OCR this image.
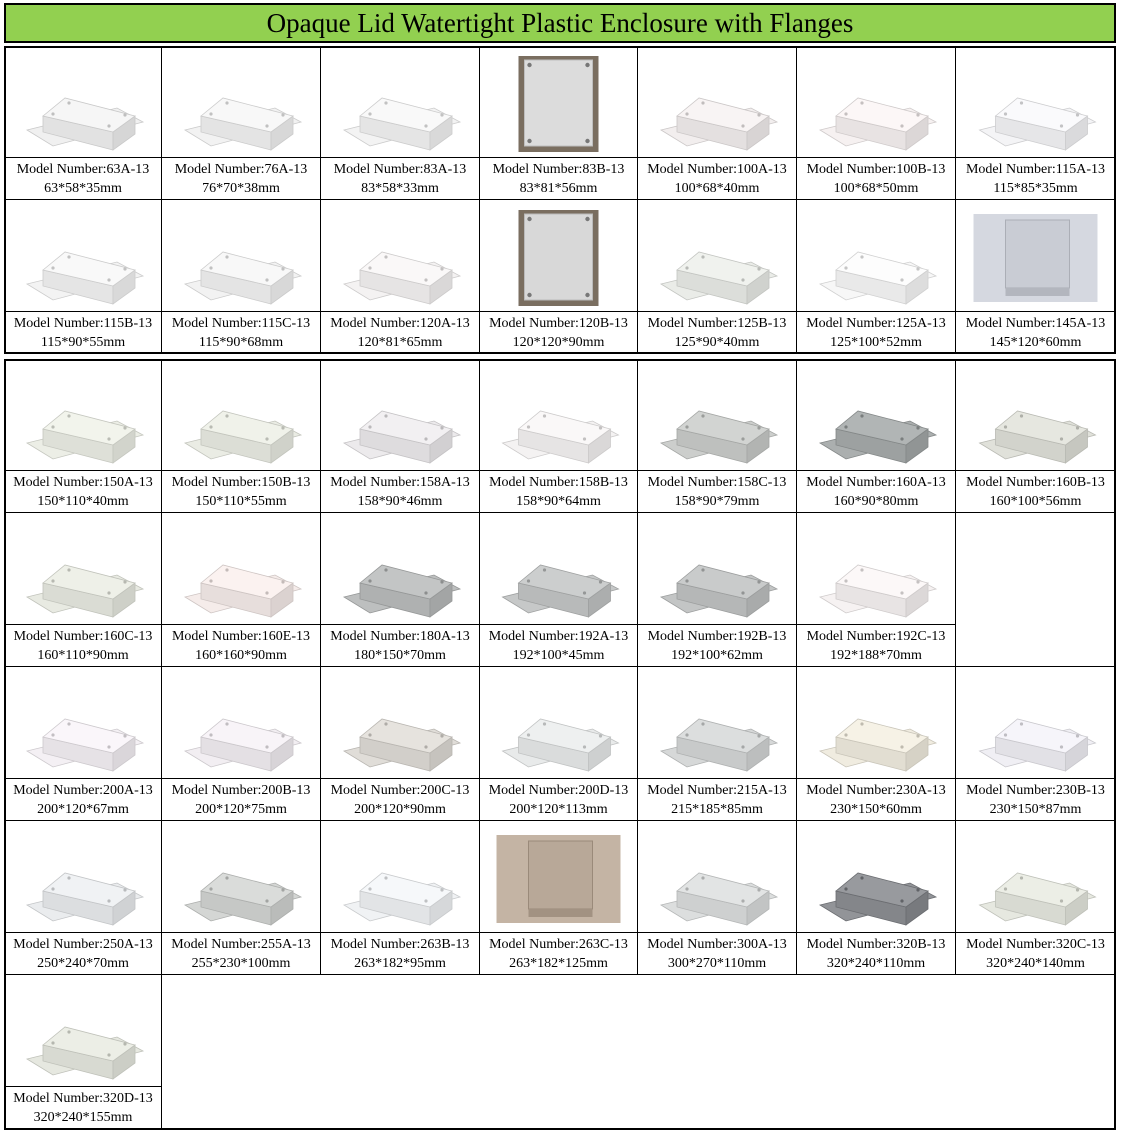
Opaque Lid Watertight Plastic Enclosure with Flanges
Model Number:63A-13
63*58*35mm
Model Number:76A-13
76*70*38mm
Model Number:83A-13
83*58*33mm
Model Number:83B-13
83*81*56mm
Model Number:100A-13
100*68*40mm
Model Number:100B-13
100*68*50mm
Model Number:115A-13
115*85*35mm
Model Number:115B-13
115*90*55mm
Model Number:115C-13
115*90*68mm
Model Number:120A-13
120*81*65mm
Model Number:120B-13
120*120*90mm
Model Number:125B-13
125*90*40mm
Model Number:125A-13
125*100*52mm
Model Number:145A-13
145*120*60mm
Model Number:150A-13
150*110*40mm
Model Number:150B-13
150*110*55mm
Model Number:158A-13
158*90*46mm
Model Number:158B-13
158*90*64mm
Model Number:158C-13
158*90*79mm
Model Number:160A-13
160*90*80mm
Model Number:160B-13
160*100*56mm
Model Number:160C-13
160*110*90mm
Model Number:160E-13
160*160*90mm
Model Number:180A-13
180*150*70mm
Model Number:192A-13
192*100*45mm
Model Number:192B-13
192*100*62mm
Model Number:192C-13
192*188*70mm
Model Number:200A-13
200*120*67mm
Model Number:200B-13
200*120*75mm
Model Number:200C-13
200*120*90mm
Model Number:200D-13
200*120*113mm
Model Number:215A-13
215*185*85mm
Model Number:230A-13
230*150*60mm
Model Number:230B-13
230*150*87mm
Model Number:250A-13
250*240*70mm
Model Number:255A-13
255*230*100mm
Model Number:263B-13
263*182*95mm
Model Number:263C-13
263*182*125mm
Model Number:300A-13
300*270*110mm
Model Number:320B-13
320*240*110mm
Model Number:320C-13
320*240*140mm
Model Number:320D-13
320*240*155mm
